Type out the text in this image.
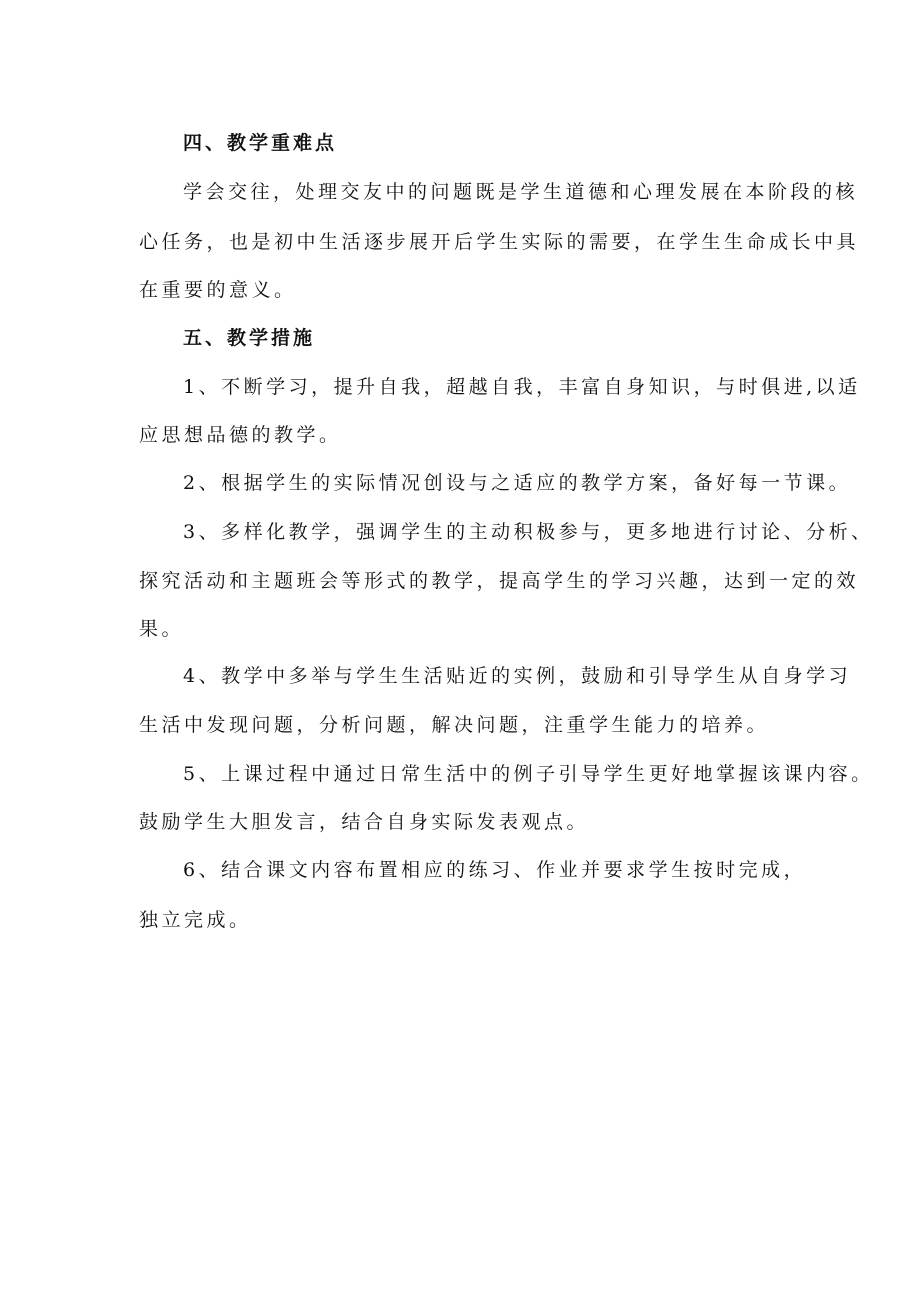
四、教学重难点
学会交往，处理交友中的问题既是学生道德和心理发展在本阶段的核
心任务，也是初中生活逐步展开后学生实际的需要，在学生生命成长中具
在重要的意义。
五、教学措施
1、不断学习，提升自我，超越自我，丰富自身知识，与时俱进,以适
应思想品德的教学。
2、根据学生的实际情况创设与之适应的教学方案，备好每一节课。
3、多样化教学，强调学生的主动积极参与，更多地进行讨论、分析、
探究活动和主题班会等形式的教学，提高学生的学习兴趣，达到一定的效
果。
4、教学中多举与学生生活贴近的实例，鼓励和引导学生从自身学习
生活中发现问题，分析问题，解决问题，注重学生能力的培养。
5、上课过程中通过日常生活中的例子引导学生更好地掌握该课内容。
鼓励学生大胆发言，结合自身实际发表观点。
6、结合课文内容布置相应的练习、作业并要求学生按时完成，
独立完成。
